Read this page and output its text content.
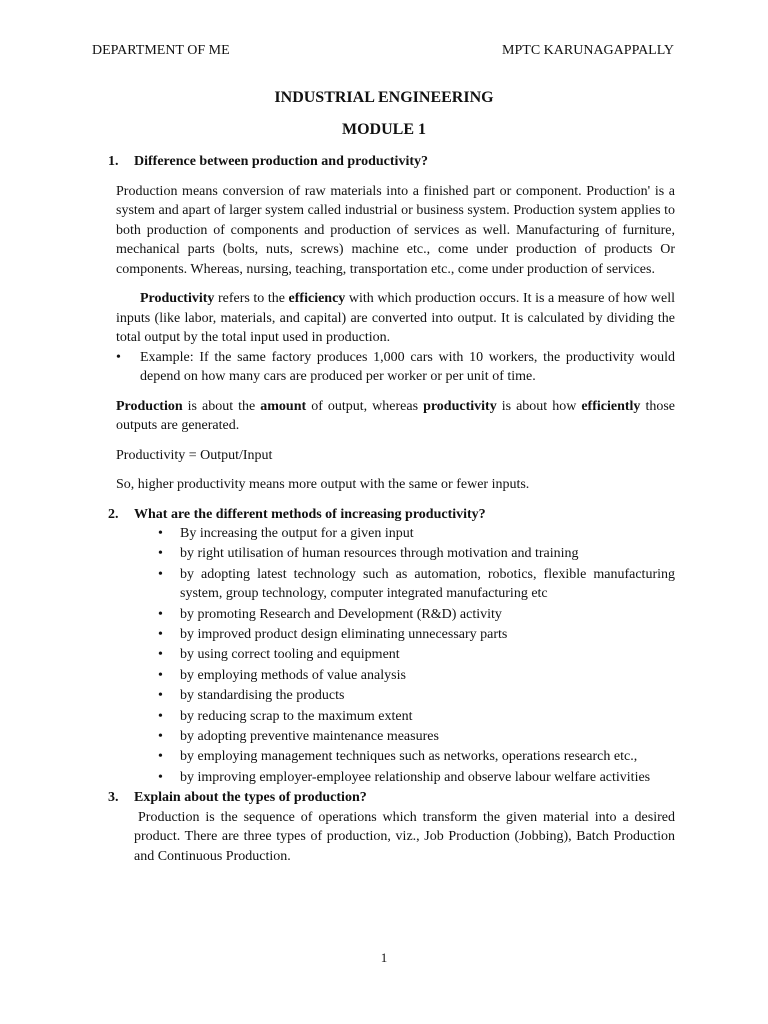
DEPARTMENT OF ME	MPTC KARUNAGAPPALLY
INDUSTRIAL ENGINEERING
MODULE 1
1. Difference between production and productivity?

Production means conversion of raw materials into a finished part or component. Production' is a system and apart of larger system called industrial or business system. Production system applies to both production of components and production of services as well. Manufacturing of furniture, mechanical parts (bolts, nuts, screws) machine etc., come under production of products Or components. Whereas, nursing, teaching, transportation etc., come under production of services.

Productivity refers to the efficiency with which production occurs. It is a measure of how well inputs (like labor, materials, and capital) are converted into output. It is calculated by dividing the total output by the total input used in production.

• Example: If the same factory produces 1,000 cars with 10 workers, the productivity would depend on how many cars are produced per worker or per unit of time.

Production is about the amount of output, whereas productivity is about how efficiently those outputs are generated.

Productivity = Output/Input

So, higher productivity means more output with the same or fewer inputs.

2. What are the different methods of increasing productivity?
• By increasing the output for a given input
• by right utilisation of human resources through motivation and training
• by adopting latest technology such as automation, robotics, flexible manufacturing system, group technology, computer integrated manufacturing etc
• by promoting Research and Development (R&D) activity
• by improved product design eliminating unnecessary parts
• by using correct tooling and equipment
• by employing methods of value analysis
• by standardising the products
• by reducing scrap to the maximum extent
• by adopting preventive maintenance measures
• by employing management techniques such as networks, operations research etc.,
• by improving employer-employee relationship and observe labour welfare activities
3. Explain about the types of production?

Production is the sequence of operations which transform the given material into a desired product. There are three types of production, viz., Job Production (Jobbing), Batch Production and Continuous Production.

1
